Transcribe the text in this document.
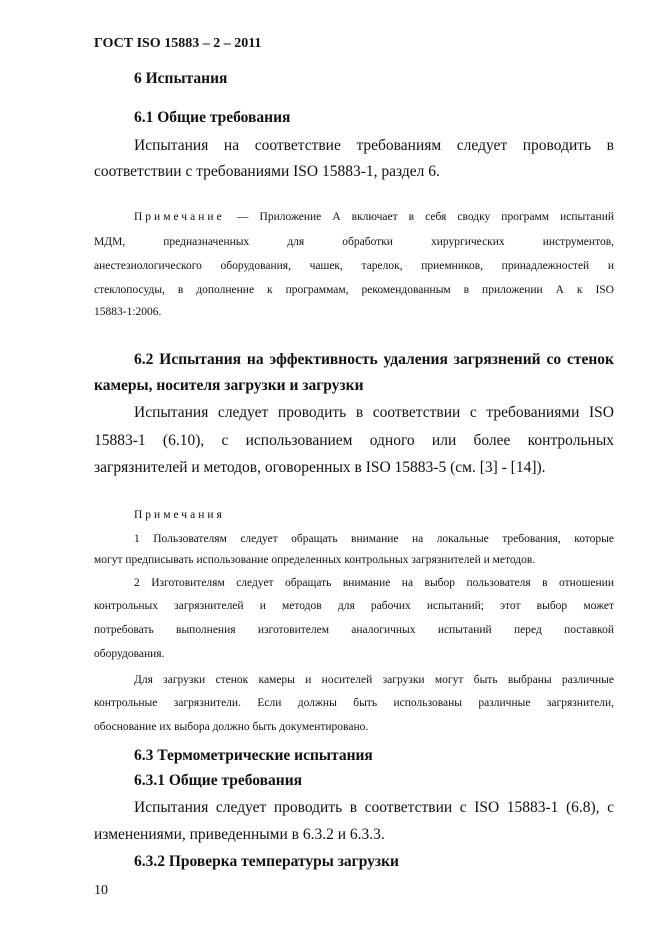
ГОСТ ISO 15883 – 2 – 2011
6 Испытания
6.1 Общие требования
Испытания на соответствие требованиям следует проводить в
соответствии с требованиями ISO 15883-1, раздел 6.
Примечание	— Приложение А включает в себя сводку программ испытаний
МДМ, предназначенных для обработки хирургических инструментов,
анестезиологического оборудования, чашек, тарелок, приемников, принадлежностей и
стеклопосуды, в дополнение к программам, рекомендованным в приложении А к ISO
15883-1:2006.
6.2 Испытания на эффективность удаления загрязнений со стенок
камеры, носителя загрузки и загрузки
Испытания следует проводить в соответствии с требованиями ISO
15883-1 (6.10), с использованием одного или более контрольных
загрязнителей и методов, оговоренных в ISO 15883-5 (см. [3] - [14]).
Примечания
1 Пользователям следует обращать внимание на локальные требования, которые
могут предписывать использование определенных контрольных загрязнителей и методов.
2 Изготовителям следует обращать внимание на выбор пользователя в отношении
контрольных загрязнителей и методов для рабочих испытаний; этот выбор может
потребовать выполнения изготовителем аналогичных испытаний перед поставкой
оборудования.
Для загрузки стенок камеры и носителей загрузки могут быть выбраны различные
контрольные загрязнители. Если должны быть использованы различные загрязнители,
обоснование их выбора должно быть документировано.
6.3 Термометрические испытания
6.3.1 Общие требования
Испытания следует проводить в соответствии с ISO 15883-1 (6.8), с
изменениями, приведенными в 6.3.2 и 6.3.3.
6.3.2 Проверка температуры загрузки
10
